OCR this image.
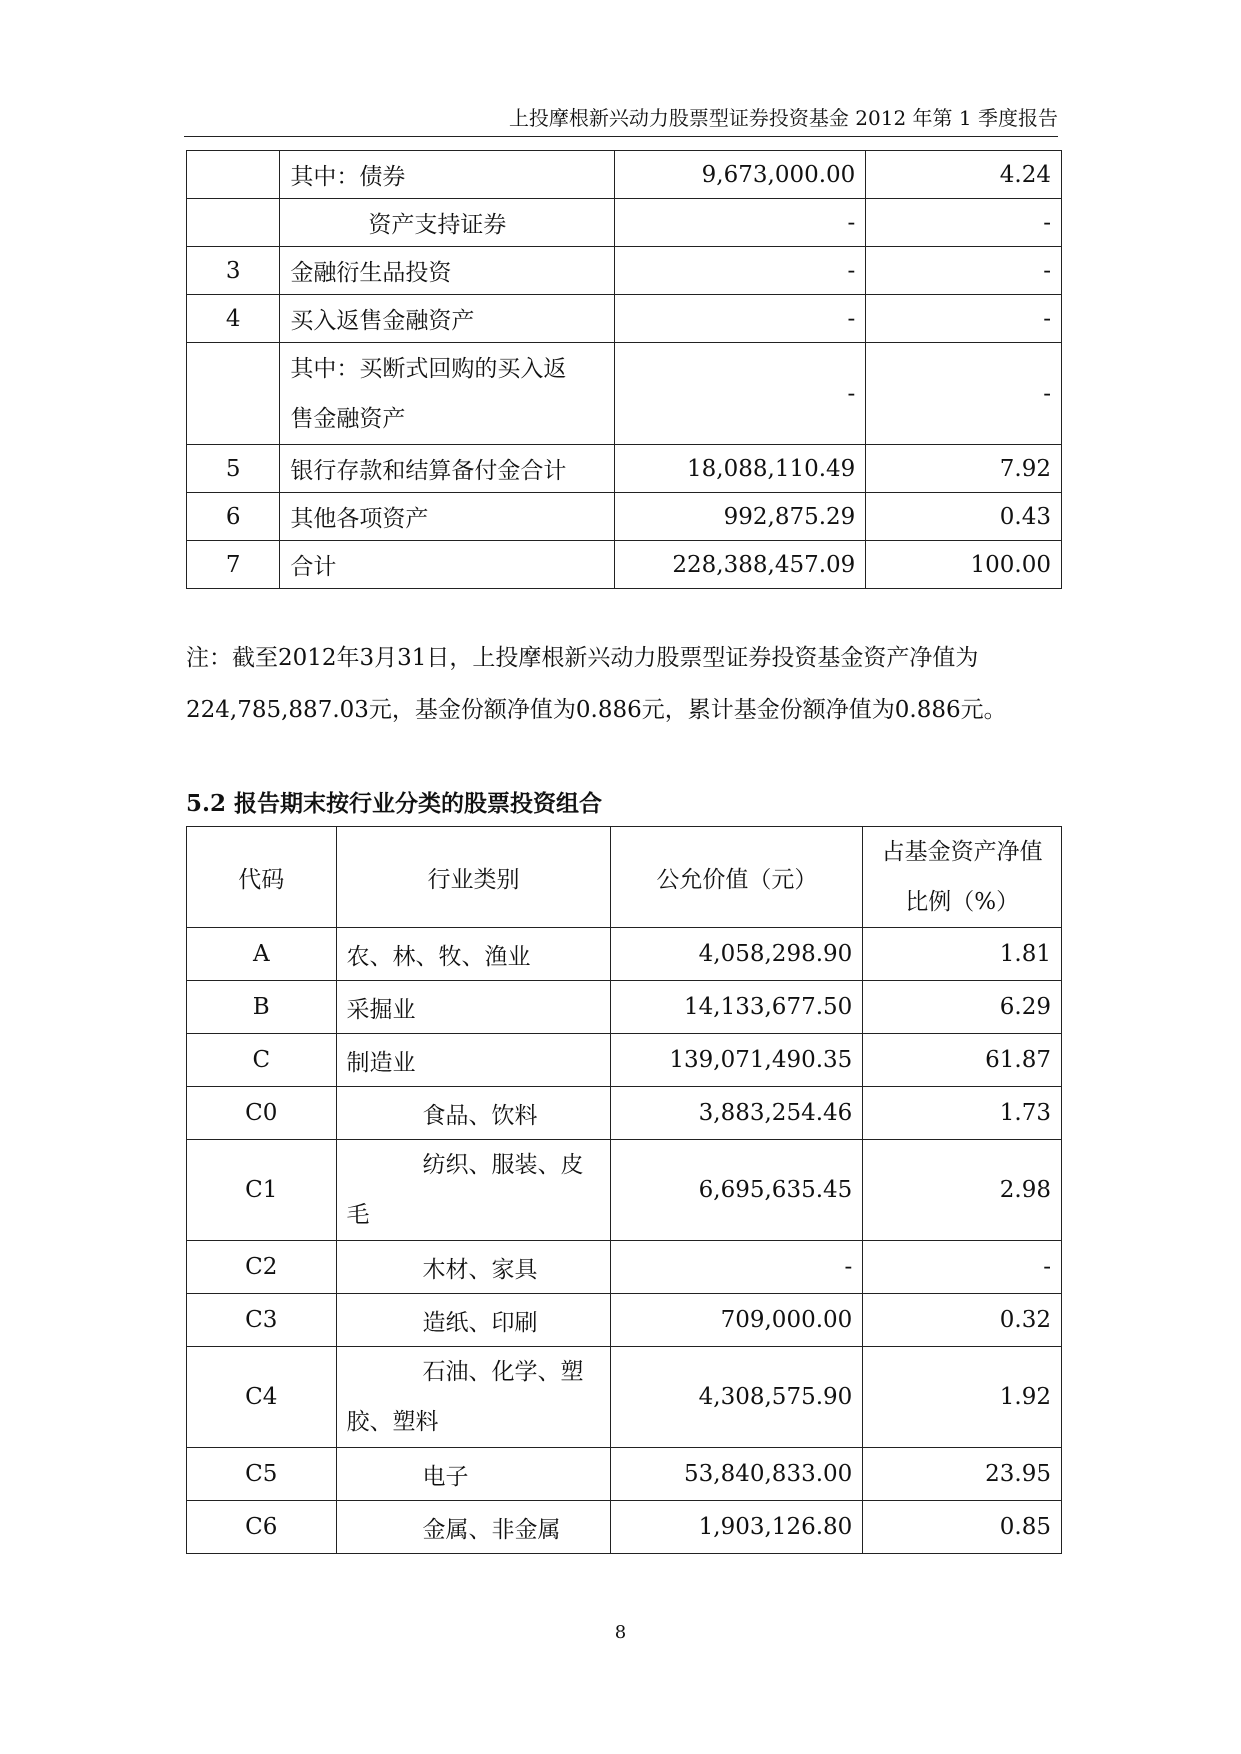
上投摩根新兴动力股票型证券投资基金 2012 年第 1 季度报告
	其中：债券	9,673,000.00	4.24
	资产支持证券	-	-
3	金融衍生品投资	-	-
4	买入返售金融资产	-	-

	其中：买断式回购的买入返
售金融资产	-	-
5	银行存款和结算备付金合计	18,088,110.49	7.92
6	其他各项资产	992,875.29	0.43
7	合计	228,388,457.09	100.00
注：截至2012年3月31日，上投摩根新兴动力股票型证券投资基金资产净值为
224,785,887.03元，基金份额净值为0.886元，累计基金份额净值为0.886元。
5.2 报告期末按行业分类的股票投资组合
代码	行业类别	公允价值（元）	占基金资产净值
比例（%）

A	农、林、牧、渔业	4,058,298.90	1.81
B	采掘业	14,133,677.50	6.29
C	制造业	139,071,490.35	61.87
C0	食品、饮料	3,883,254.46	1.73
C1	纺织、服装、皮
毛	6,695,635.45	2.98
C2	木材、家具	-	-
C3	造纸、印刷	709,000.00	0.32
C4	石油、化学、塑
胶、塑料	4,308,575.90	1.92
C5	电子	53,840,833.00	23.95
C6	金属、非金属	1,903,126.80	0.85
8
